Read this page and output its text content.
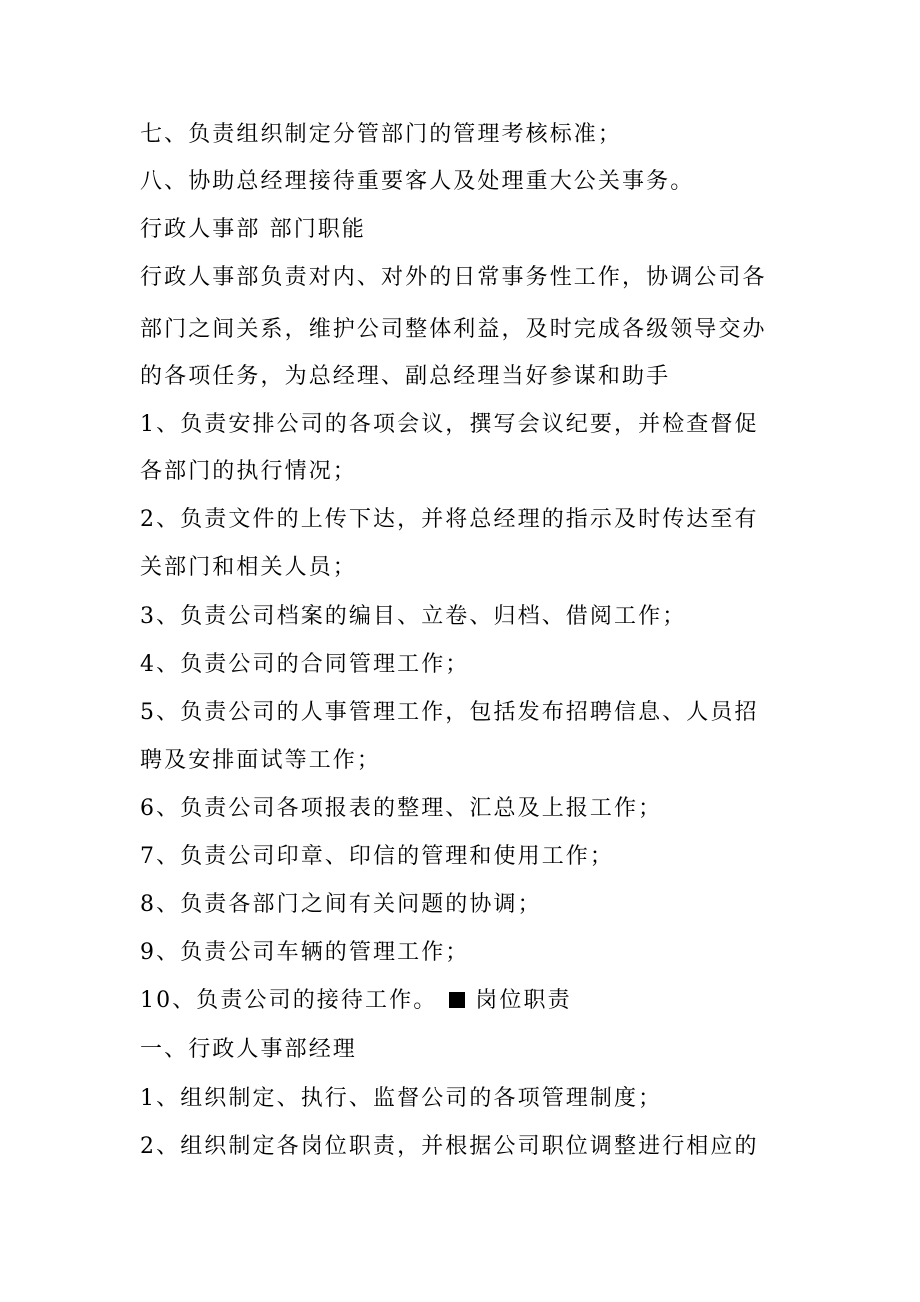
七、负责组织制定分管部门的管理考核标准；
八、协助总经理接待重要客人及处理重大公关事务。
行政人事部 部门职能
行政人事部负责对内、对外的日常事务性工作，协调公司各
部门之间关系，维护公司整体利益，及时完成各级领导交办
的各项任务，为总经理、副总经理当好参谋和助手
1、负责安排公司的各项会议，撰写会议纪要，并检查督促
各部门的执行情况；
2、负责文件的上传下达，并将总经理的指示及时传达至有
关部门和相关人员；
3、负责公司档案的编目、立卷、归档、借阅工作；
4、负责公司的合同管理工作；
5、负责公司的人事管理工作，包括发布招聘信息、人员招
聘及安排面试等工作；
6、负责公司各项报表的整理、汇总及上报工作；
7、负责公司印章、印信的管理和使用工作；
8、负责各部门之间有关问题的协调；
9、负责公司车辆的管理工作；
10、负责公司的接待工作。 岗位职责
一、行政人事部经理
1、组织制定、执行、监督公司的各项管理制度；
2、组织制定各岗位职责，并根据公司职位调整进行相应的
